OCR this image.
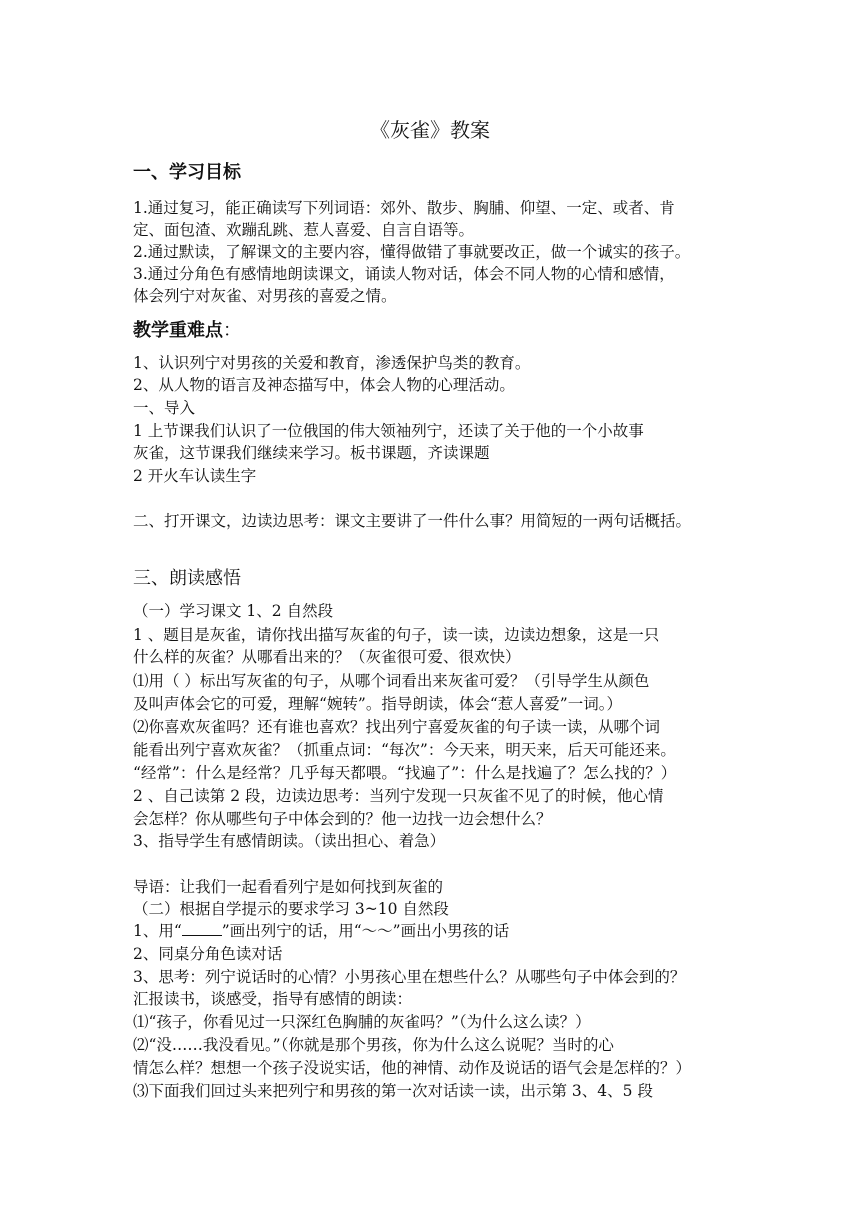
《灰雀》教案
一、学习目标
1.通过复习，能正确读写下列词语：郊外、散步、胸脯、仰望、一定、或者、肯
定、面包渣、欢蹦乱跳、惹人喜爱、自言自语等。
2.通过默读，了解课文的主要内容，懂得做错了事就要改正，做一个诚实的孩子。
3.通过分角色有感情地朗读课文，诵读人物对话，体会不同人物的心情和感情，
体会列宁对灰雀、对男孩的喜爱之情。
教学重难点：
1、认识列宁对男孩的关爱和教育，渗透保护鸟类的教育。
2、从人物的语言及神态描写中，体会人物的心理活动。
一、导入
1 上节课我们认识了一位俄国的伟大领袖列宁，还读了关于他的一个小故事
灰雀，这节课我们继续来学习。板书课题，齐读课题
2 开火车认读生字
二、打开课文，边读边思考：课文主要讲了一件什么事？用简短的一两句话概括。
三、朗读感悟
（一）学习课文 1、2 自然段
1 、题目是灰雀，请你找出描写灰雀的句子，读一读，边读边想象，这是一只
什么样的灰雀？从哪看出来的？（灰雀很可爱、很欢快）
⑴用（ ）标出写灰雀的句子，从哪个词看出来灰雀可爱？（引导学生从颜色
及叫声体会它的可爱，理解“婉转”。指导朗读，体会“惹人喜爱”一词。）
⑵你喜欢灰雀吗？还有谁也喜欢？找出列宁喜爱灰雀的句子读一读，从哪个词
能看出列宁喜欢灰雀？（抓重点词：“每次”：今天来，明天来，后天可能还来。
“经常”：什么是经常？几乎每天都喂。“找遍了”：什么是找遍了？怎么找的？）
2 、自己读第 2 段，边读边思考：当列宁发现一只灰雀不见了的时候，他心情
会怎样？你从哪些句子中体会到的？他一边找一边会想什么？
3、指导学生有感情朗读。（读出担心、着急）
导语：让我们一起看看列宁是如何找到灰雀的
（二）根据自学提示的要求学习 3~10 自然段
1、用“	”画出列宁的话，用“～～”画出小男孩的话
2、同桌分角色读对话
3、思考：列宁说话时的心情？小男孩心里在想些什么？从哪些句子中体会到的？
汇报读书，谈感受，指导有感情的朗读：
⑴“孩子，你看见过一只深红色胸脯的灰雀吗？”（为什么这么读？）
⑵“没……我没看见。”（你就是那个男孩，你为什么这么说呢？当时的心
情怎么样？想想一个孩子没说实话，他的神情、动作及说话的语气会是怎样的？）
⑶下面我们回过头来把列宁和男孩的第一次对话读一读，出示第 3、4、5 段
